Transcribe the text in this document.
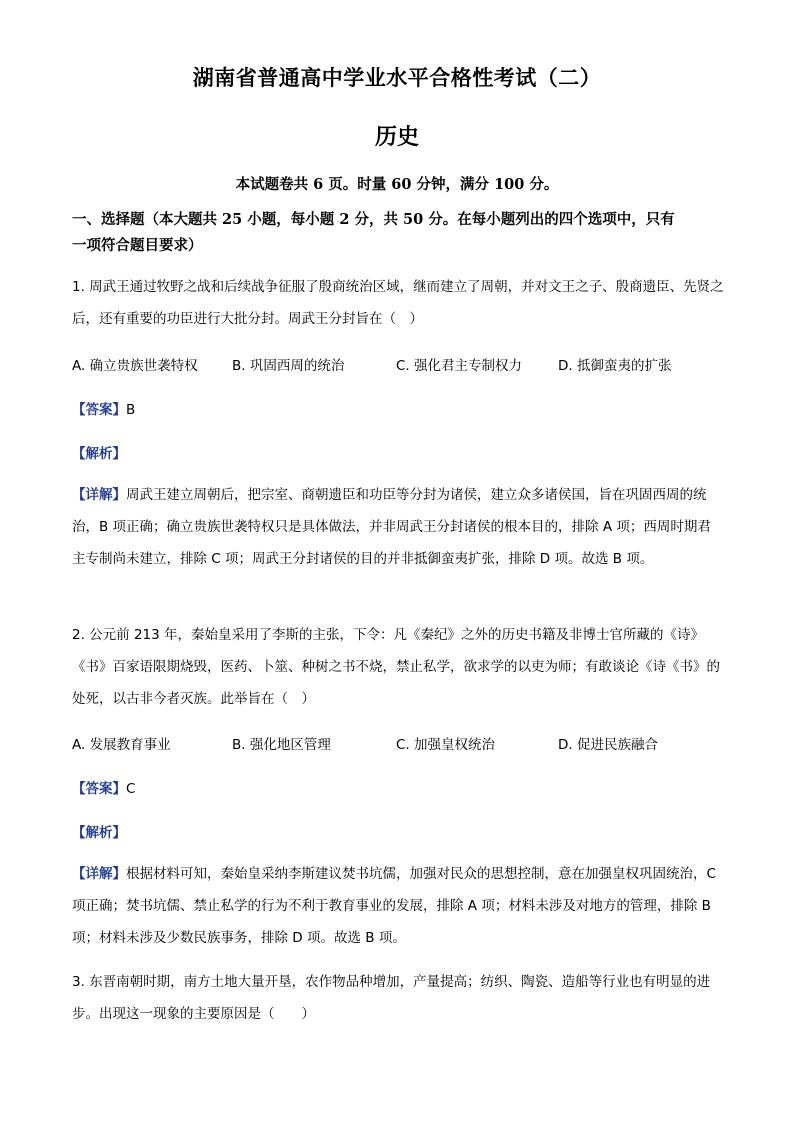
湖南省普通高中学业水平合格性考试（二）
历史
本试题卷共 6 页。时量 60 分钟，满分 100 分。
一、选择题（本大题共 25 小题，每小题 2 分，共 50 分。在每小题列出的四个选项中，只有
一项符合题目要求）
1. 周武王通过牧野之战和后续战争征服了殷商统治区域，继而建立了周朝，并对文王之子、殷商遗臣、先贤之后，还有重要的功臣进行大批分封。周武王分封旨在（　）
A. 确立贵族世袭特权	B. 巩固西周的统治	C. 强化君主专制权力	D. 抵御蛮夷的扩张
【答案】B
【解析】
【详解】周武王建立周朝后，把宗室、商朝遗臣和功臣等分封为诸侯，建立众多诸侯国，旨在巩固西周的统治，B 项正确；确立贵族世袭特权只是具体做法，并非周武王分封诸侯的根本目的，排除 A 项；西周时期君主专制尚未建立，排除 C 项；周武王分封诸侯的目的并非抵御蛮夷扩张，排除 D 项。故选 B 项。
2. 公元前 213 年，秦始皇采用了李斯的主张，下令：凡《秦纪》之外的历史书籍及非博士官所藏的《诗》《书》百家语限期烧毁，医药、卜筮、种树之书不烧，禁止私学，欲求学的以吏为师；有敢谈论《诗《书》的处死，以古非今者灭族。此举旨在（　）
A. 发展教育事业	B. 强化地区管理	C. 加强皇权统治	D. 促进民族融合
【答案】C
【解析】
【详解】根据材料可知，秦始皇采纳李斯建议焚书坑儒，加强对民众的思想控制，意在加强皇权巩固统治，C 项正确；焚书坑儒、禁止私学的行为不利于教育事业的发展，排除 A 项；材料未涉及对地方的管理，排除 B 项；材料未涉及少数民族事务，排除 D 项。故选 B 项。
3. 东晋南朝时期，南方土地大量开垦，农作物品种增加，产量提高；纺织、陶瓷、造船等行业也有明显的进步。出现这一现象的主要原因是（　　）
